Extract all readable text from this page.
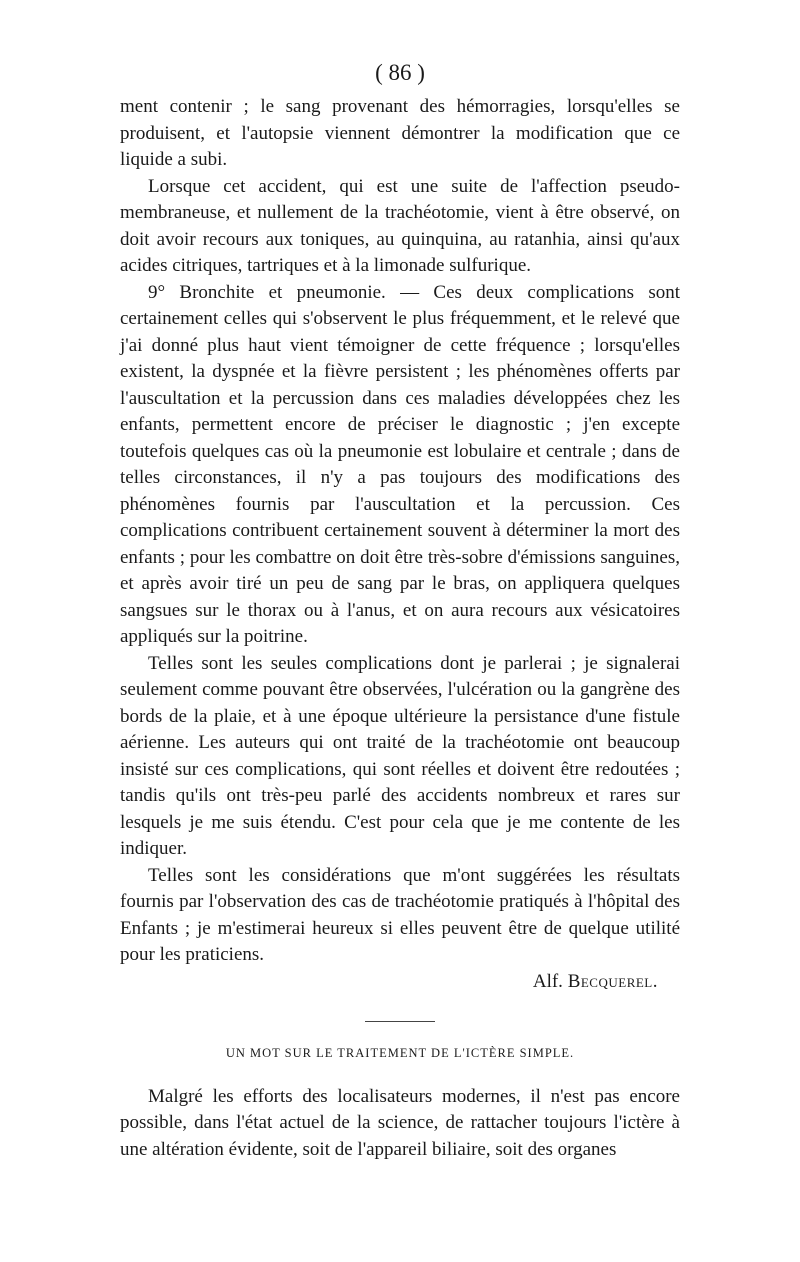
( 86 )

ment contenir ; le sang provenant des hémorragies, lorsqu'elles se produisent, et l'autopsie viennent démontrer la modification que ce liquide a subi.

Lorsque cet accident, qui est une suite de l'affection pseudo-membraneuse, et nullement de la trachéotomie, vient à être observé, on doit avoir recours aux toniques, au quinquina, au ratanhia, ainsi qu'aux acides citriques, tartriques et à la limonade sulfurique.

9° Bronchite et pneumonie. — Ces deux complications sont certainement celles qui s'observent le plus fréquemment, et le relevé que j'ai donné plus haut vient témoigner de cette fréquence ; lorsqu'elles existent, la dyspnée et la fièvre persistent ; les phénomènes offerts par l'auscultation et la percussion dans ces maladies développées chez les enfants, permettent encore de préciser le diagnostic ; j'en excepte toutefois quelques cas où la pneumonie est lobulaire et centrale ; dans de telles circonstances, il n'y a pas toujours des modifications des phénomènes fournis par l'auscultation et la percussion. Ces complications contribuent certainement souvent à déterminer la mort des enfants ; pour les combattre on doit être très-sobre d'émissions sanguines, et après avoir tiré un peu de sang par le bras, on appliquera quelques sangsues sur le thorax ou à l'anus, et on aura recours aux vésicatoires appliqués sur la poitrine.

Telles sont les seules complications dont je parlerai ; je signalerai seulement comme pouvant être observées, l'ulcération ou la gangrène des bords de la plaie, et à une époque ultérieure la persistance d'une fistule aérienne. Les auteurs qui ont traité de la trachéotomie ont beaucoup insisté sur ces complications, qui sont réelles et doivent être redoutées ; tandis qu'ils ont très-peu parlé des accidents nombreux et rares sur lesquels je me suis étendu. C'est pour cela que je me contente de les indiquer.

Telles sont les considérations que m'ont suggérées les résultats fournis par l'observation des cas de trachéotomie pratiqués à l'hôpital des Enfants ; je m'estimerai heureux si elles peuvent être de quelque utilité pour les praticiens.

Alf. Becquerel.

UN MOT SUR LE TRAITEMENT DE L'ICTÈRE SIMPLE.

Malgré les efforts des localisateurs modernes, il n'est pas encore possible, dans l'état actuel de la science, de rattacher toujours l'ictère à une altération évidente, soit de l'appareil biliaire, soit des organes
